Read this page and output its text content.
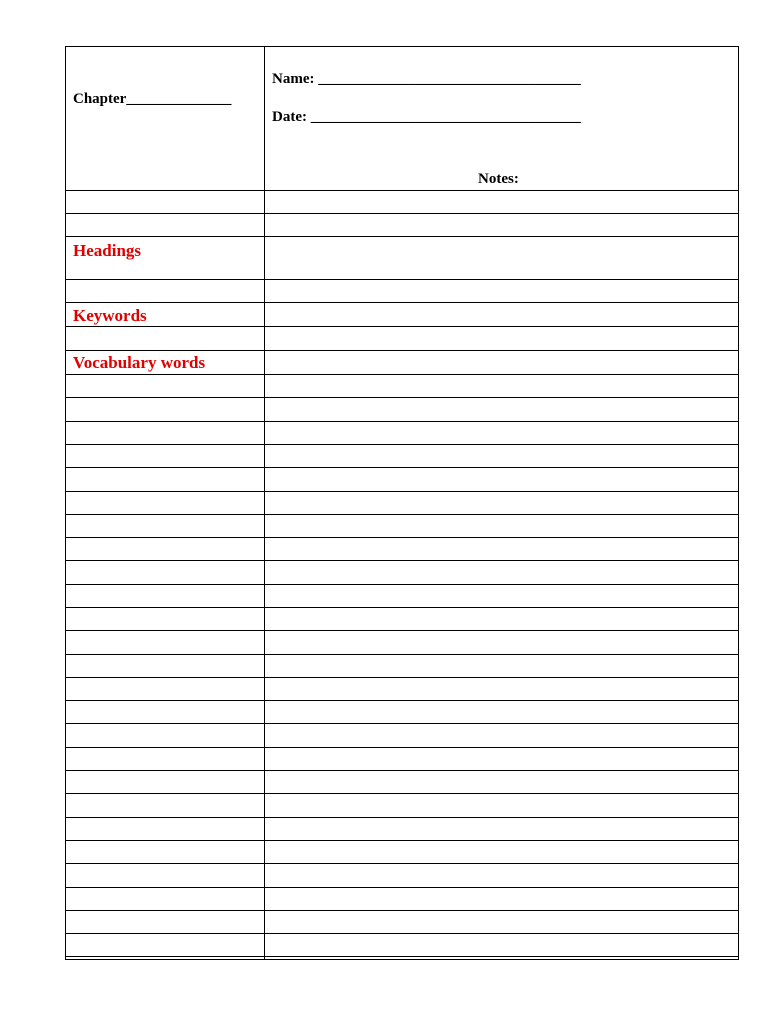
Chapter______________
Name: ___________________________________
Date: ____________________________________
Notes:
Headings
Keywords
Vocabulary words
